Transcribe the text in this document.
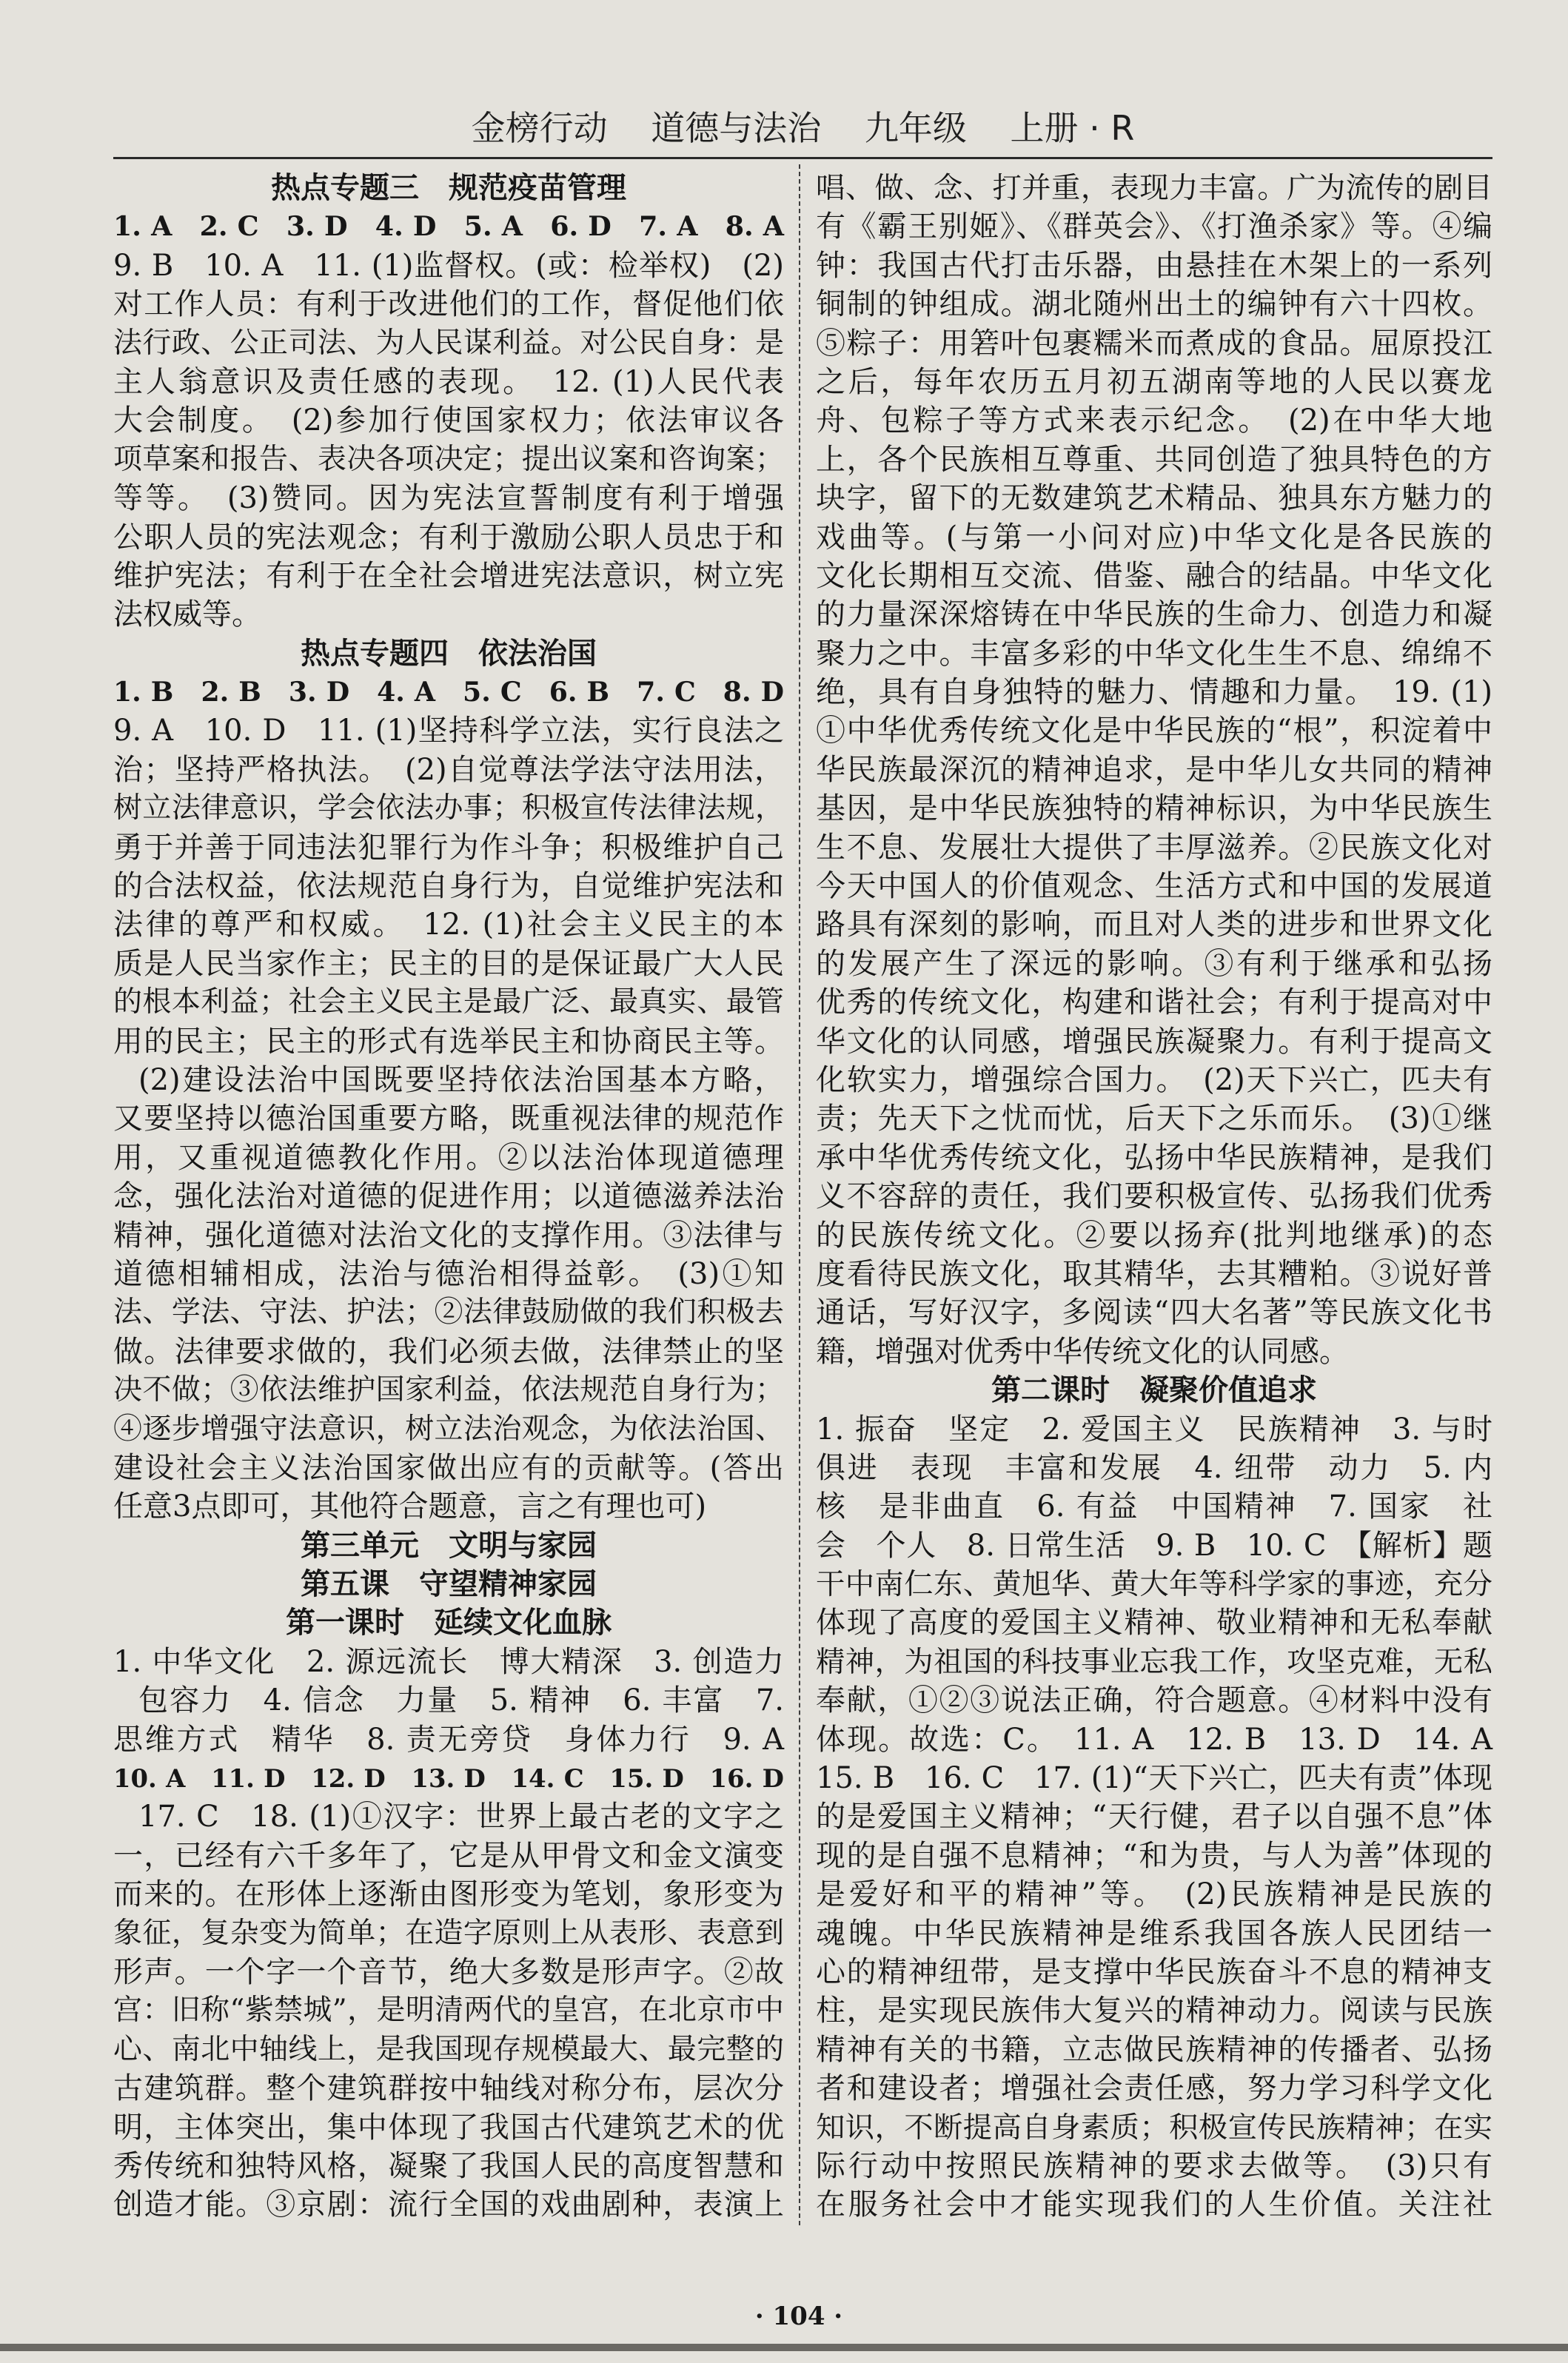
金榜行动 道德与法治 九年级 上册 · R
热点专题三　规范疫苗管理
1. A　2. C　3. D　4. D　5. A　6. D　7. A　8. A
9. B　10. A　11. (1)监督权。(或：检举权)　(2)
对工作人员：有利于改进他们的工作，督促他们依
法行政、公正司法、为人民谋利益。对公民自身：是
主人翁意识及责任感的表现。　12. (1)人民代表
大会制度。　(2)参加行使国家权力；依法审议各
项草案和报告、表决各项决定；提出议案和咨询案；
等等。　(3)赞同。因为宪法宣誓制度有利于增强
公职人员的宪法观念；有利于激励公职人员忠于和
维护宪法；有利于在全社会增进宪法意识，树立宪
法权威等。
热点专题四　依法治国
1. B　2. B　3. D　4. A　5. C　6. B　7. C　8. D
9. A　10. D　11. (1)坚持科学立法，实行良法之
治；坚持严格执法。　(2)自觉尊法学法守法用法，
树立法律意识，学会依法办事；积极宣传法律法规，
勇于并善于同违法犯罪行为作斗争；积极维护自己
的合法权益，依法规范自身行为，自觉维护宪法和
法律的尊严和权威。　12. (1)社会主义民主的本
质是人民当家作主；民主的目的是保证最广大人民
的根本利益；社会主义民主是最广泛、最真实、最管
用的民主；民主的形式有选举民主和协商民主等。
(2)建设法治中国既要坚持依法治国基本方略，
又要坚持以德治国重要方略，既重视法律的规范作
用，又重视道德教化作用。②以法治体现道德理
念，强化法治对道德的促进作用；以道德滋养法治
精神，强化道德对法治文化的支撑作用。③法律与
道德相辅相成，法治与德治相得益彰。　(3)①知
法、学法、守法、护法；②法律鼓励做的我们积极去
做。法律要求做的，我们必须去做，法律禁止的坚
决不做；③依法维护国家利益，依法规范自身行为；
④逐步增强守法意识，树立法治观念，为依法治国、
建设社会主义法治国家做出应有的贡献等。(答出
任意3点即可，其他符合题意，言之有理也可)
第三单元　文明与家园
第五课　守望精神家园
第一课时　延续文化血脉
1. 中华文化　2. 源远流长　博大精深　3. 创造力
包容力　4. 信念　力量　5. 精神　6. 丰富　7.
思维方式　精华　8. 责无旁贷　身体力行　9. A
10. A　11. D　12. D　13. D　14. C　15. D　16. D
17. C　18. (1)①汉字：世界上最古老的文字之
一，已经有六千多年了，它是从甲骨文和金文演变
而来的。在形体上逐渐由图形变为笔划，象形变为
象征，复杂变为简单；在造字原则上从表形、表意到
形声。一个字一个音节，绝大多数是形声字。②故
宫：旧称“紫禁城”，是明清两代的皇宫，在北京市中
心、南北中轴线上，是我国现存规模最大、最完整的
古建筑群。整个建筑群按中轴线对称分布，层次分
明，主体突出，集中体现了我国古代建筑艺术的优
秀传统和独特风格，凝聚了我国人民的高度智慧和
创造才能。③京剧：流行全国的戏曲剧种，表演上
唱、做、念、打并重，表现力丰富。广为流传的剧目
有《霸王别姬》、《群英会》、《打渔杀家》等。④编
钟：我国古代打击乐器，由悬挂在木架上的一系列
铜制的钟组成。湖北随州出土的编钟有六十四枚。
⑤粽子：用箬叶包裹糯米而煮成的食品。屈原投江
之后，每年农历五月初五湖南等地的人民以赛龙
舟、包粽子等方式来表示纪念。　(2)在中华大地
上，各个民族相互尊重、共同创造了独具特色的方
块字，留下的无数建筑艺术精品、独具东方魅力的
戏曲等。(与第一小问对应)中华文化是各民族的
文化长期相互交流、借鉴、融合的结晶。中华文化
的力量深深熔铸在中华民族的生命力、创造力和凝
聚力之中。丰富多彩的中华文化生生不息、绵绵不
绝，具有自身独特的魅力、情趣和力量。　19. (1)
①中华优秀传统文化是中华民族的“根”，积淀着中
华民族最深沉的精神追求，是中华儿女共同的精神
基因，是中华民族独特的精神标识，为中华民族生
生不息、发展壮大提供了丰厚滋养。②民族文化对
今天中国人的价值观念、生活方式和中国的发展道
路具有深刻的影响，而且对人类的进步和世界文化
的发展产生了深远的影响。③有利于继承和弘扬
优秀的传统文化，构建和谐社会；有利于提高对中
华文化的认同感，增强民族凝聚力。有利于提高文
化软实力，增强综合国力。　(2)天下兴亡，匹夫有
责；先天下之忧而忧，后天下之乐而乐。　(3)①继
承中华优秀传统文化，弘扬中华民族精神，是我们
义不容辞的责任，我们要积极宣传、弘扬我们优秀
的民族传统文化。②要以扬弃(批判地继承)的态
度看待民族文化，取其精华，去其糟粕。③说好普
通话，写好汉字，多阅读“四大名著”等民族文化书
籍，增强对优秀中华传统文化的认同感。
第二课时　凝聚价值追求
1. 振奋　坚定　2. 爱国主义　民族精神　3. 与时
俱进　表现　丰富和发展　4. 纽带　动力　5. 内
核　是非曲直　6. 有益　中国精神　7. 国家　社
会　个人　8. 日常生活　9. B　10. C　【解析】题
干中南仁东、黄旭华、黄大年等科学家的事迹，充分
体现了高度的爱国主义精神、敬业精神和无私奉献
精神，为祖国的科技事业忘我工作，攻坚克难，无私
奉献，①②③说法正确，符合题意。④材料中没有
体现。故选：C。　11. A　12. B　13. D　14. A
15. B　16. C　17. (1)“天下兴亡，匹夫有责”体现
的是爱国主义精神；“天行健，君子以自强不息”体
现的是自强不息精神；“和为贵，与人为善”体现的
是爱好和平的精神”等。　(2)民族精神是民族的
魂魄。中华民族精神是维系我国各族人民团结一
心的精神纽带，是支撑中华民族奋斗不息的精神支
柱，是实现民族伟大复兴的精神动力。阅读与民族
精神有关的书籍，立志做民族精神的传播者、弘扬
者和建设者；增强社会责任感，努力学习科学文化
知识，不断提高自身素质；积极宣传民族精神；在实
际行动中按照民族精神的要求去做等。　(3)只有
在服务社会中才能实现我们的人生价值。关注社
· 104 ·
